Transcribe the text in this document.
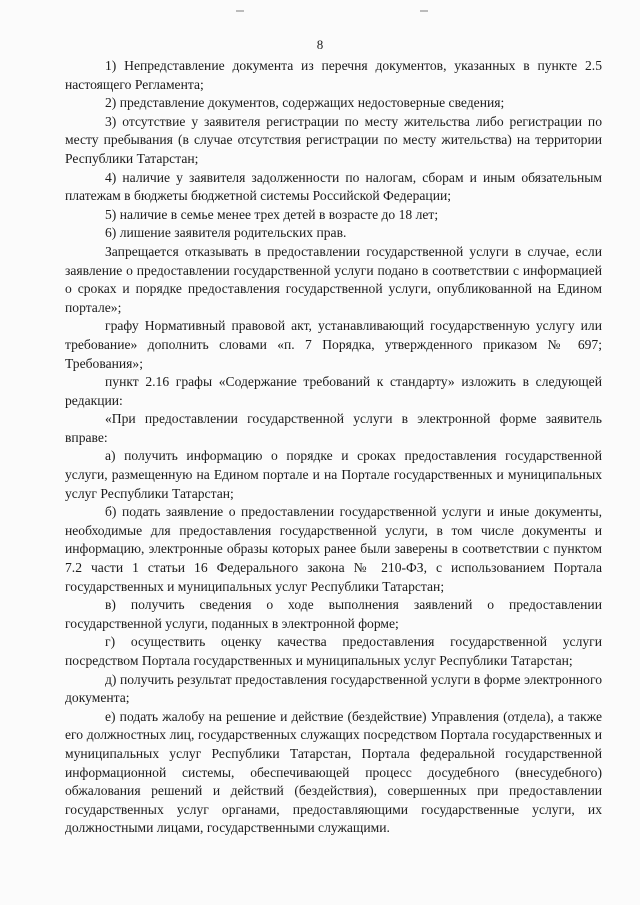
8

1) Непредставление документа из перечня документов, указанных в пункте 2.5 настоящего Регламента;

2) представление документов, содержащих недостоверные сведения;

3) отсутствие у заявителя регистрации по месту жительства либо регистрации по месту пребывания (в случае отсутствия регистрации по месту жительства) на территории Республики Татарстан;

4) наличие у заявителя задолженности по налогам, сборам и иным обязательным платежам в бюджеты бюджетной системы Российской Федерации;

5) наличие в семье менее трех детей в возрасте до 18 лет;

6) лишение заявителя родительских прав.

Запрещается отказывать в предоставлении государственной услуги в случае, если заявление о предоставлении государственной услуги подано в соответствии с информацией о сроках и порядке предоставления государственной услуги, опубликованной на Едином портале»;

графу Нормативный правовой акт, устанавливающий государственную услугу или требование» дополнить словами «п. 7 Порядка, утвержденного приказом № 697; Требования»;

пункт 2.16 графы «Содержание требований к стандарту» изложить в следующей редакции:

«При предоставлении государственной услуги в электронной форме заявитель вправе:

а) получить информацию о порядке и сроках предоставления государственной услуги, размещенную на Едином портале и на Портале государственных и муниципальных услуг Республики Татарстан;

б) подать заявление о предоставлении государственной услуги и иные документы, необходимые для предоставления государственной услуги, в том числе документы и информацию, электронные образы которых ранее были заверены в соответствии с пунктом 7.2 части 1 статьи 16 Федерального закона № 210-ФЗ, с использованием Портала государственных и муниципальных услуг Республики Татарстан;

в) получить сведения о ходе выполнения заявлений о предоставлении государственной услуги, поданных в электронной форме;

г) осуществить оценку качества предоставления государственной услуги посредством Портала государственных и муниципальных услуг Республики Татарстан;

д) получить результат предоставления государственной услуги в форме электронного документа;

е) подать жалобу на решение и действие (бездействие) Управления (отдела), а также его должностных лиц, государственных служащих посредством Портала государственных и муниципальных услуг Республики Татарстан, Портала федеральной государственной информационной системы, обеспечивающей процесс досудебного (внесудебного) обжалования решений и действий (бездействия), совершенных при предоставлении государственных услуг органами, предоставляющими государственные услуги, их должностными лицами, государственными служащими.
